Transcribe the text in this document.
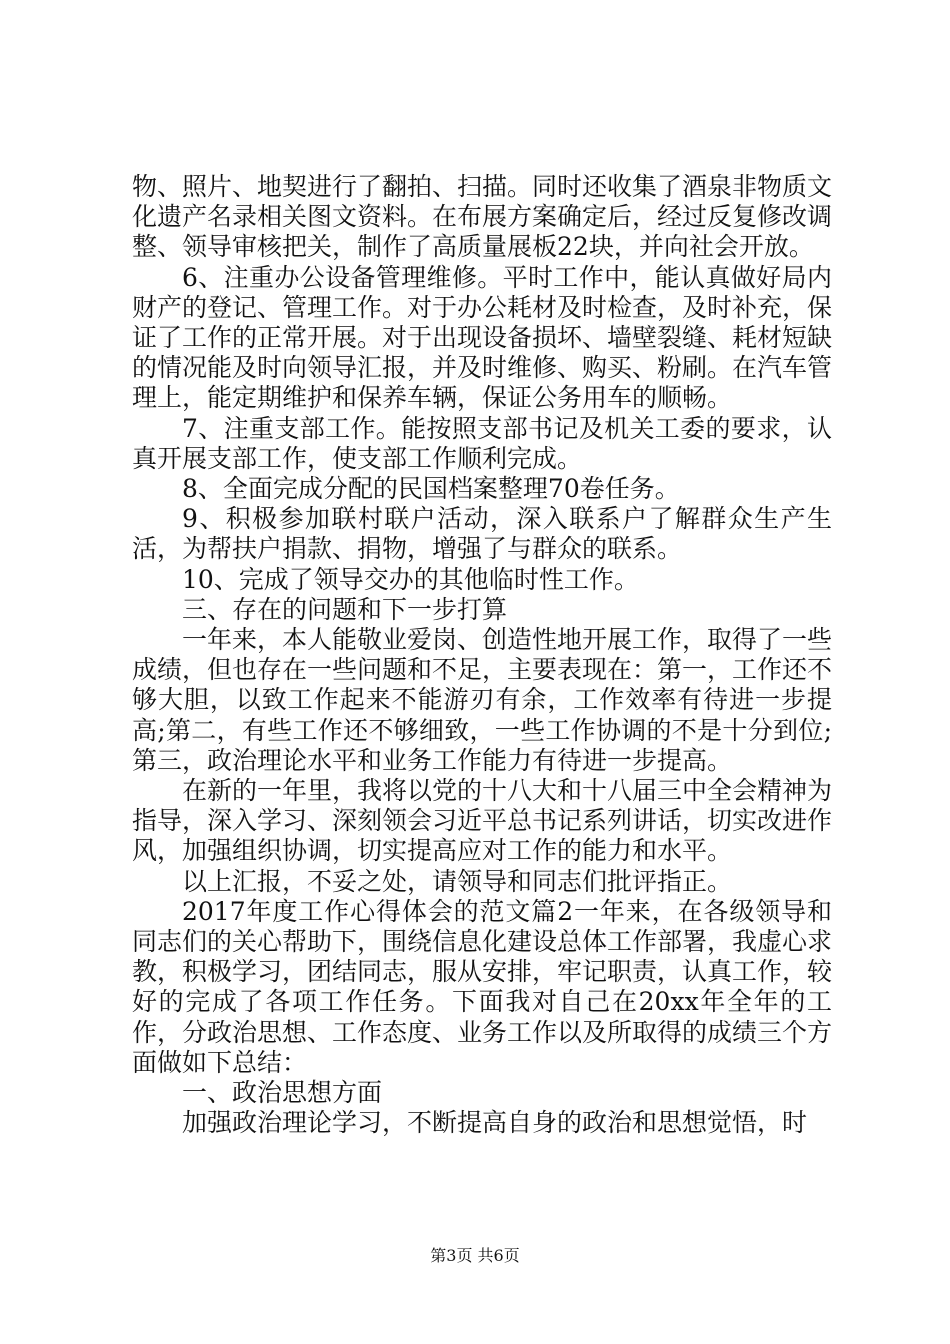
物、照片、地契进行了翻拍、扫描。同时还收集了酒泉非物质文化遗产名录相关图文资料。在布展方案确定后，经过反复修改调整、领导审核把关，制作了高质量展板22块，并向社会开放。

6、注重办公设备管理维修。平时工作中，能认真做好局内财产的登记、管理工作。对于办公耗材及时检查，及时补充，保证了工作的正常开展。对于出现设备损坏、墙壁裂缝、耗材短缺的情况能及时向领导汇报，并及时维修、购买、粉刷。在汽车管理上，能定期维护和保养车辆，保证公务用车的顺畅。

7、注重支部工作。能按照支部书记及机关工委的要求，认真开展支部工作，使支部工作顺利完成。

8、全面完成分配的民国档案整理70卷任务。

9、积极参加联村联户活动，深入联系户了解群众生产生活，为帮扶户捐款、捐物，增强了与群众的联系。

10、完成了领导交办的其他临时性工作。

三、存在的问题和下一步打算

一年来，本人能敬业爱岗、创造性地开展工作，取得了一些成绩，但也存在一些问题和不足，主要表现在：第一，工作还不够大胆，以致工作起来不能游刃有余，工作效率有待进一步提高;第二，有些工作还不够细致，一些工作协调的不是十分到位;第三，政治理论水平和业务工作能力有待进一步提高。

在新的一年里，我将以党的十八大和十八届三中全会精神为指导，深入学习、深刻领会习近平总书记系列讲话，切实改进作风，加强组织协调，切实提高应对工作的能力和水平。

以上汇报，不妥之处，请领导和同志们批评指正。

2017年度工作心得体会的范文篇2一年来，在各级领导和同志们的关心帮助下，围绕信息化建设总体工作部署，我虚心求教，积极学习，团结同志，服从安排，牢记职责，认真工作，较好的完成了各项工作任务。下面我对自己在20xx年全年的工作，分政治思想、工作态度、业务工作以及所取得的成绩三个方面做如下总结：

一、政治思想方面

加强政治理论学习，不断提高自身的政治和思想觉悟，时

第3页 共6页
